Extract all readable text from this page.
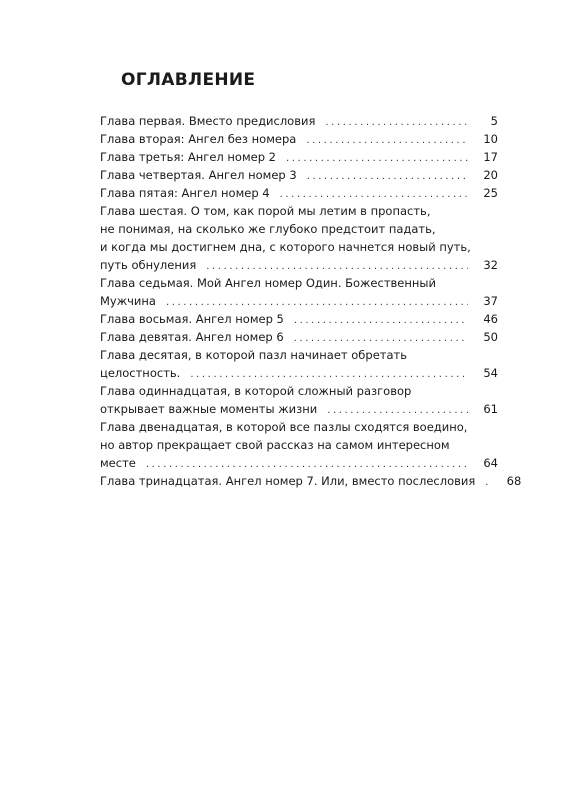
ОГЛАВЛЕНИЕ
Глава первая. Вместо предисловия .....	5
Глава вторая: Ангел без номера .....	10
Глава третья: Ангел номер 2 .....	17
Глава четвертая. Ангел номер 3 .....	20
Глава пятая: Ангел номер 4 .....	25
Глава шестая. О том, как порой мы летим в пропасть,
не понимая, на сколько же глубоко предстоит падать,
и когда мы достигнем дна, с которого начнется новый путь,
путь обнуления .....	32
Глава седьмая. Мой Ангел номер Один. Божественный
Мужчина .....	37
Глава восьмая. Ангел номер 5 .....	46
Глава девятая. Ангел номер 6 .....	50
Глава десятая, в которой пазл начинает обретать
целостность. .....	54
Глава одиннадцатая, в которой сложный разговор
открывает важные моменты жизни .....	61
Глава двенадцатая, в которой все пазлы сходятся воедино,
но автор прекращает свой рассказ на самом интересном
месте .....	64
Глава тринадцатая. Ангел номер 7. Или, вместо послесловия .....	68
